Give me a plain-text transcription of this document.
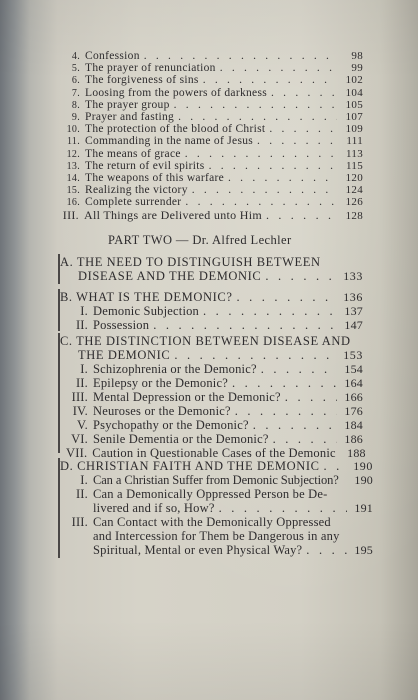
4. Confession . . .	98
5. The prayer of renunciation . . .	99
6. The forgiveness of sins . . .	102
7. Loosing from the powers of darkness . . .	104
8. The prayer group . . .	105
9. Prayer and fasting . . .	107
10. The protection of the blood of Christ . . .	109
11. Commanding in the name of Jesus . . .	111
12. The means of grace . . .	113
13. The return of evil spirits . . .	115
14. The weapons of this warfare . . .	120
15. Realizing the victory . . .	124
16. Complete surrender . . .	126
III. All Things are Delivered unto Him . . .	128
PART TWO — Dr. Alfred Lechler
A. THE NEED TO DISTINGUISH BETWEEN
DISEASE AND THE DEMONIC . . .	133
B. WHAT IS THE DEMONIC? . . .	136
I. Demonic Subjection . . .	137
II. Possession . . .	147
C. THE DISTINCTION BETWEEN DISEASE AND
THE DEMONIC . . .	153
I. Schizophrenia or the Demonic? . . .	154
II. Epilepsy or the Demonic? . . .	164
III. Mental Depression or the Demonic? . . .	166
IV. Neuroses or the Demonic? . . .	176
V. Psychopathy or the Demonic? . . .	184
VI. Senile Dementia or the Demonic? . . .	186
VII. Caution in Questionable Cases of the Demonic 188
D. CHRISTIAN FAITH AND THE DEMONIC . . .	190
I. Can a Christian Suffer from Demonic Subjection? 190
II. Can a Demonically Oppressed Person be De-
livered and if so, How? . . .	191
III. Can Contact with the Demonically Oppressed
and Intercession for Them be Dangerous in any
Spiritual, Mental or even Physical Way? . . .	195
